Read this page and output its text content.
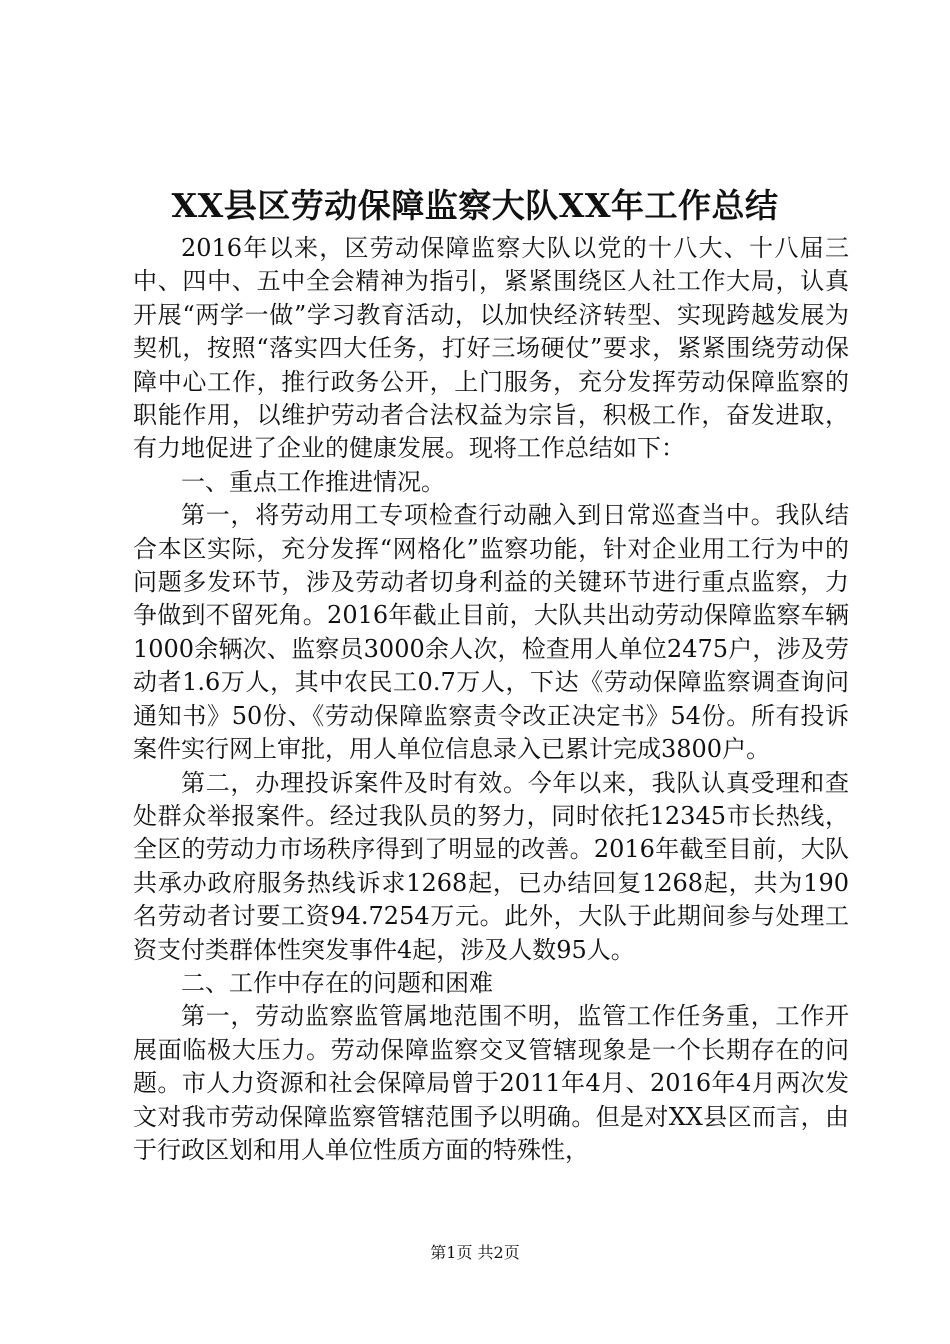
XX县区劳动保障监察大队XX年工作总结

2016年以来，区劳动保障监察大队以党的十八大、十八届三中、四中、五中全会精神为指引，紧紧围绕区人社工作大局，认真开展“两学一做”学习教育活动，以加快经济转型、实现跨越发展为契机，按照“落实四大任务，打好三场硬仗”要求，紧紧围绕劳动保障中心工作，推行政务公开，上门服务，充分发挥劳动保障监察的职能作用，以维护劳动者合法权益为宗旨，积极工作，奋发进取，有力地促进了企业的健康发展。现将工作总结如下：

一、重点工作推进情况。

第一，将劳动用工专项检查行动融入到日常巡查当中。我队结合本区实际，充分发挥“网格化”监察功能，针对企业用工行为中的问题多发环节，涉及劳动者切身利益的关键环节进行重点监察，力争做到不留死角。2016年截止目前，大队共出动劳动保障监察车辆1000余辆次、监察员3000余人次，检查用人单位2475户，涉及劳动者1.6万人，其中农民工0.7万人，下达《劳动保障监察调查询问通知书》50份、《劳动保障监察责令改正决定书》54份。所有投诉案件实行网上审批，用人单位信息录入已累计完成3800户。

第二，办理投诉案件及时有效。今年以来，我队认真受理和查处群众举报案件。经过我队员的努力，同时依托12345市长热线，全区的劳动力市场秩序得到了明显的改善。2016年截至目前，大队共承办政府服务热线诉求1268起，已办结回复1268起，共为190名劳动者讨要工资94.7254万元。此外，大队于此期间参与处理工资支付类群体性突发事件4起，涉及人数95人。

二、工作中存在的问题和困难

第一，劳动监察监管属地范围不明，监管工作任务重，工作开展面临极大压力。劳动保障监察交叉管辖现象是一个长期存在的问题。市人力资源和社会保障局曾于2011年4月、2016年4月两次发文对我市劳动保障监察管辖范围予以明确。但是对XX县区而言，由于行政区划和用人单位性质方面的特殊性，

第1页 共2页
